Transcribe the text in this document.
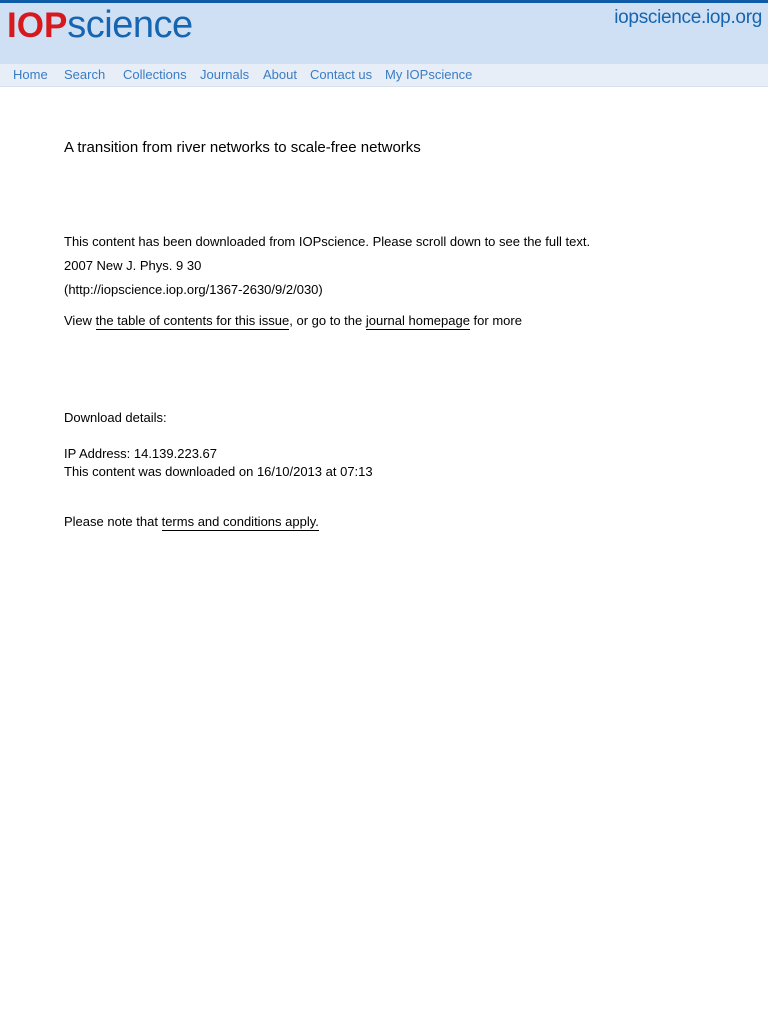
IOP science	iopscience.iop.org
Home Search Collections Journals About Contact us My IOPscience
A transition from river networks to scale-free networks
This content has been downloaded from IOPscience. Please scroll down to see the full text.
2007 New J. Phys. 9 30
(http://iopscience.iop.org/1367-2630/9/2/030)
View the table of contents for this issue, or go to the journal homepage for more
Download details:
IP Address: 14.139.223.67
This content was downloaded on 16/10/2013 at 07:13
Please note that terms and conditions apply.
